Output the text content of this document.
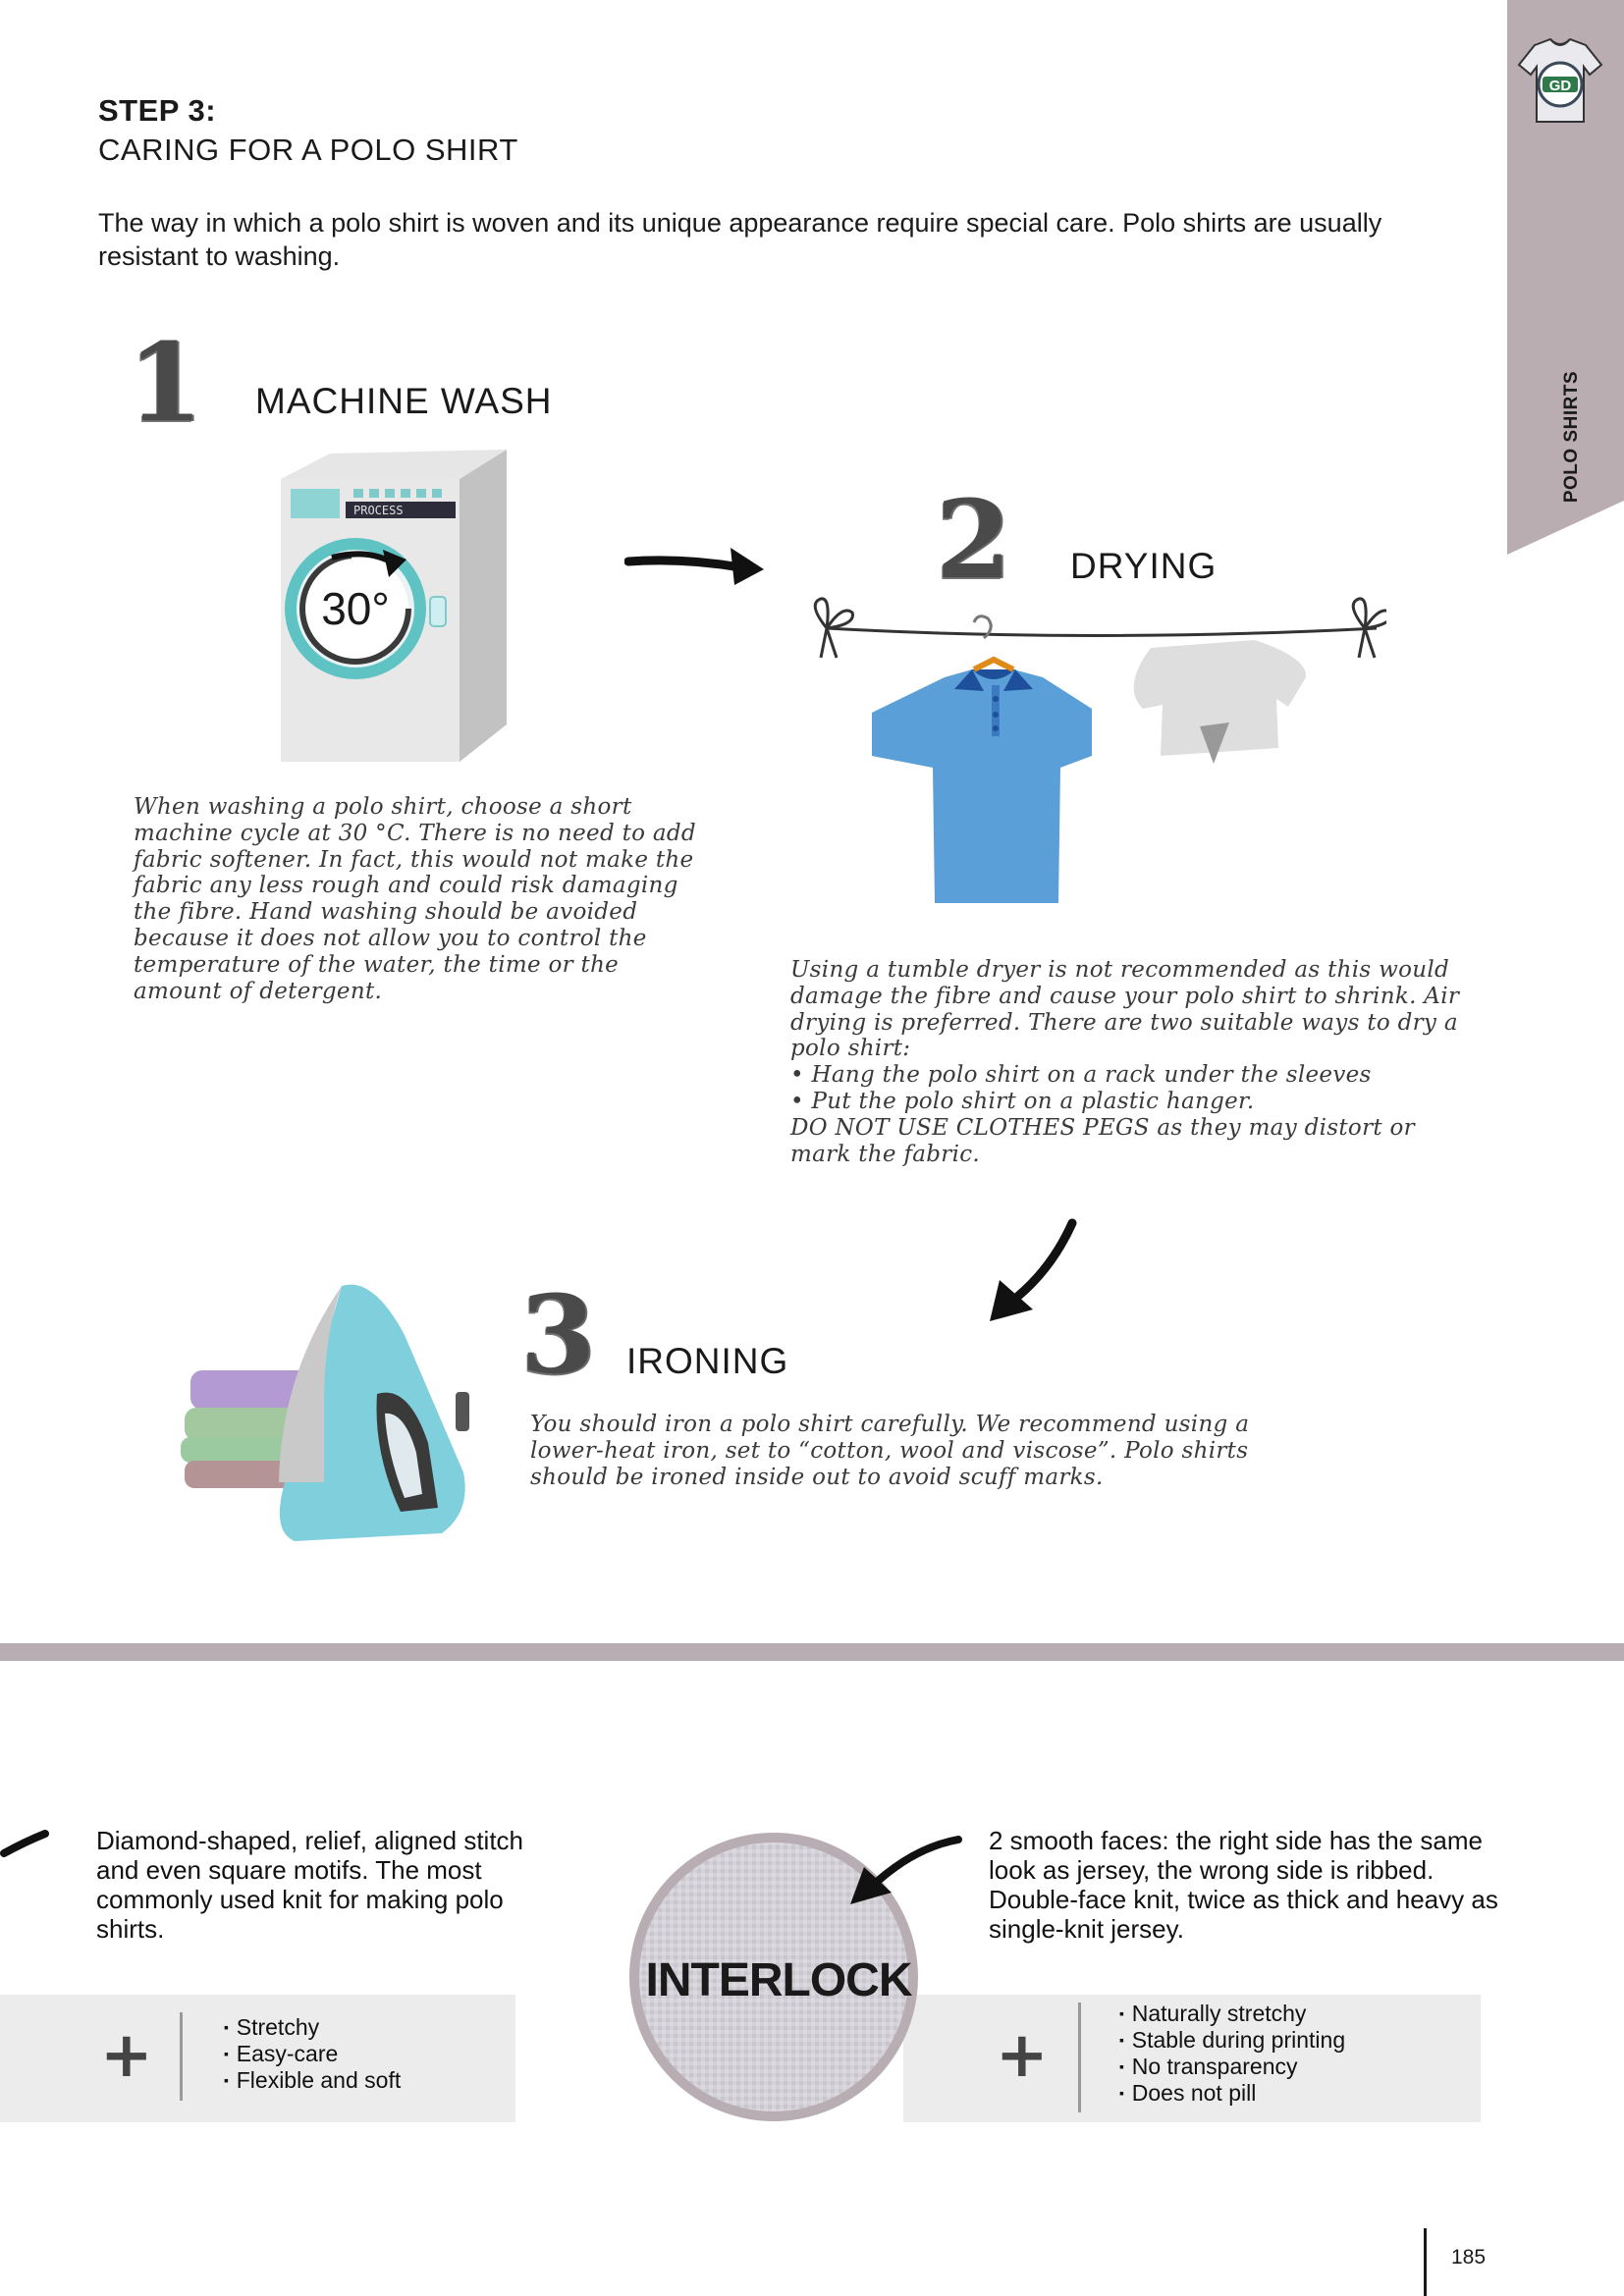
GD
POLO SHIRTS
STEP 3:
CARING FOR A POLO SHIRT
The way in which a polo shirt is woven and its unique appearance require special care. Polo shirts are usually resistant to washing.
1 MACHINE WASH
PROCESS
30°
When washing a polo shirt, choose a short machine cycle at 30 °C. There is no need to add fabric softener. In fact, this would not make the fabric any less rough and could risk damaging the fibre. Hand washing should be avoided because it does not allow you to control the temperature of the water, the time or the amount of detergent.
2 DRYING
Using a tumble dryer is not recommended as this would damage the fibre and cause your polo shirt to shrink. Air drying is preferred. There are two suitable ways to dry a polo shirt:
• Hang the polo shirt on a rack under the sleeves
• Put the polo shirt on a plastic hanger.
DO NOT USE CLOTHES PEGS as they may distort or mark the fabric.
3 IRONING
You should iron a polo shirt carefully. We recommend using a lower-heat iron, set to “cotton, wool and viscose”. Polo shirts should be ironed inside out to avoid scuff marks.
Diamond-shaped, relief, aligned stitch and even square motifs. The most commonly used knit for making polo shirts.
+
▪	Stretchy
▪  Easy-care
▪  Flexible and soft
INTERLOCK
2 smooth faces: the right side has the same look as jersey, the wrong side is ribbed. Double-face knit, twice as thick and heavy as single-knit jersey.
+
▪  Naturally stretchy
▪  Stable during printing
▪  No transparency
▪  Does not pill
185
